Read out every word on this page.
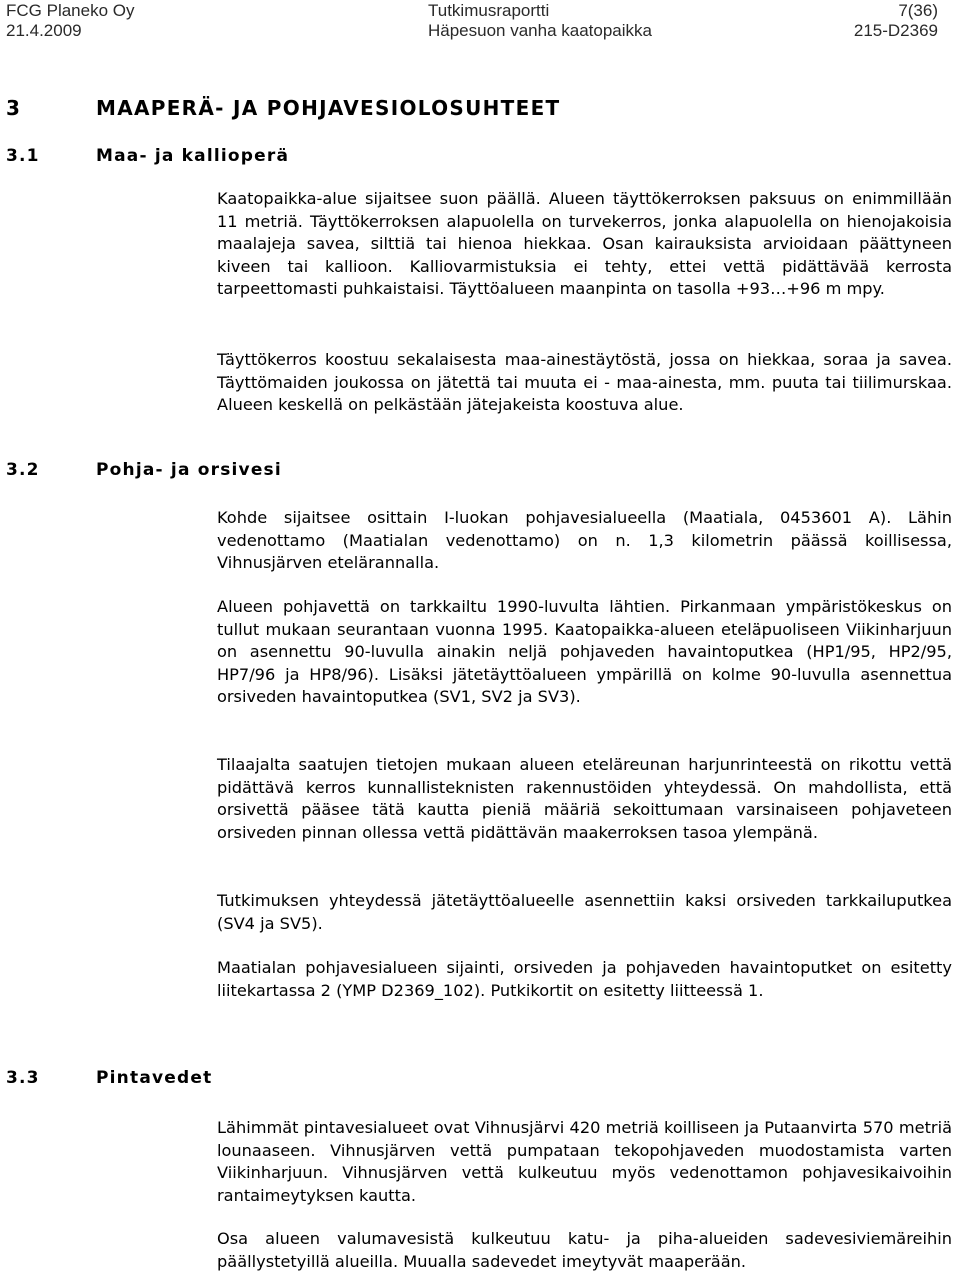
FCG Planeko Oy
21.4.2009
Tutkimusraportti
Häpesuon vanha kaatopaikka
7(36)
215-D2369
3	MAAPERÄ- JA POHJAVESIOLOSUHTEET
3.1	Maa- ja kallioperä

Kaatopaikka-alue sijaitsee suon päällä. Alueen täyttökerroksen paksuus on enimmillään 11 metriä. Täyttökerroksen alapuolella on turvekerros, jonka alapuolella on hienojakoisia maalajeja savea, silttiä tai hienoa hiekkaa. Osan kairauksista arvioidaan päättyneen kiveen tai kallioon. Kalliovarmistuksia ei tehty, ettei vettä pidättävää kerrosta tarpeettomasti puhkaistaisi. Täyttöalueen maanpinta on tasolla +93…+96 m mpy.

Täyttökerros koostuu sekalaisesta maa-ainestäytöstä, jossa on hiekkaa, soraa ja savea. Täyttömaiden joukossa on jätettä tai muuta ei - maa-ainesta, mm. puuta tai tiilimurskaa. Alueen keskellä on pelkästään jätejakeista koostuva alue.

3.2	Pohja- ja orsivesi

Kohde sijaitsee osittain I-luokan pohjavesialueella (Maatiala, 0453601 A). Lähin vedenottamo (Maatialan vedenottamo) on n. 1,3 kilometrin päässä koillisessa, Vihnusjärven etelärannalla.

Alueen pohjavettä on tarkkailtu 1990-luvulta lähtien. Pirkanmaan ympäristökeskus on tullut mukaan seurantaan vuonna 1995. Kaatopaikka-alueen eteläpuoliseen Viikinharjuun on asennettu 90-luvulla ainakin neljä pohjaveden havaintoputkea (HP1/95, HP2/95, HP7/96 ja HP8/96). Lisäksi jätetäyttöalueen ympärillä on kolme 90-luvulla asennettua orsiveden havaintoputkea (SV1, SV2 ja SV3).

Tilaajalta saatujen tietojen mukaan alueen eteläreunan harjunrinteestä on rikottu vettä pidättävä kerros kunnallisteknisten rakennustöiden yhteydessä. On mahdollista, että orsivettä pääsee tätä kautta pieniä määriä sekoittumaan varsinaiseen pohjaveteen orsiveden pinnan ollessa vettä pidättävän maakerroksen tasoa ylempänä.

Tutkimuksen yhteydessä jätetäyttöalueelle asennettiin kaksi orsiveden tarkkailuputkea (SV4 ja SV5).

Maatialan pohjavesialueen sijainti, orsiveden ja pohjaveden havaintoputket on esitetty liitekartassa 2 (YMP D2369_102). Putkikortit on esitetty liitteessä 1.

3.3	Pintavedet

Lähimmät pintavesialueet ovat Vihnusjärvi 420 metriä koilliseen ja Putaanvirta 570 metriä lounaaseen. Vihnusjärven vettä pumpataan tekopohjaveden muodostamista varten Viikinharjuun. Vihnusjärven vettä kulkeutuu myös vedenottamon pohjavesikaivoihin rantaimeytyksen kautta.

Osa alueen valumavesistä kulkeutuu katu- ja piha-alueiden sadevesiviemäreihin päällystetyillä alueilla. Muualla sadevedet imeytyvät maaperään.
